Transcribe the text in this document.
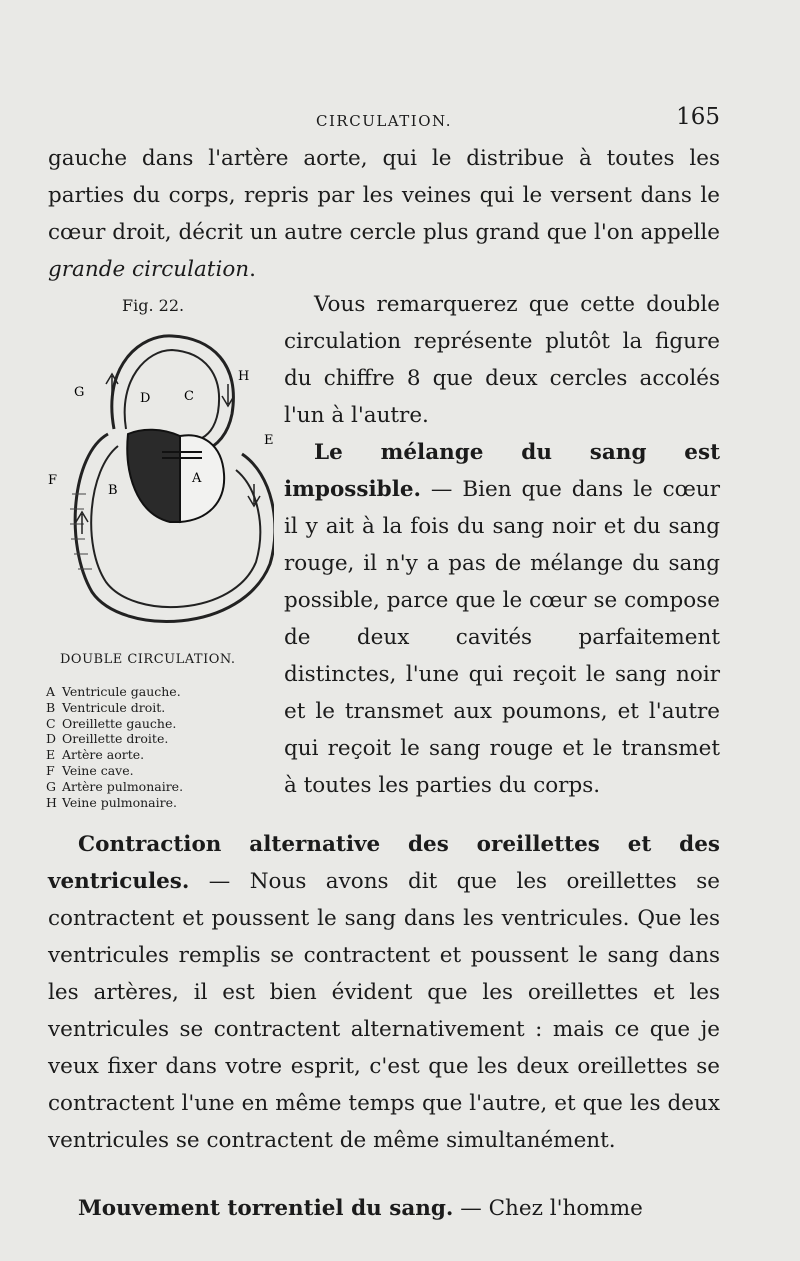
CIRCULATION.	165

gauche dans l'artère aorte, qui le distribue à toutes les parties du corps, repris par les veines qui le versent dans le cœur droit, décrit un autre cercle plus grand que l'on appelle grande circulation.

Fig. 22.
G	D	C
H
E
A
B
F
DOUBLE CIRCULATION.
A Ventricule gauche.
B Ventricule droit.
C Oreillette gauche.
D Oreillette droite.
E Artère aorte.
F Veine cave.
G Artère pulmonaire.
H Veine pulmonaire.

Vous remarquerez que cette double circulation représente plutôt la figure du chiffre 8 que deux cercles accolés l'un à l'autre.

Le mélange du sang est impossible. — Bien que dans le cœur il y ait à la fois du sang noir et du sang rouge, il n'y a pas de mélange du sang possible, parce que le cœur se compose de deux cavités parfaitement distinctes, l'une qui reçoit le sang noir et le transmet aux poumons, et l'autre qui reçoit le sang rouge et le transmet à toutes les parties du corps.

Contraction alternative des oreillettes et des ventricules. — Nous avons dit que les oreillettes se contractent et poussent le sang dans les ventricules. Que les ventricules remplis se contractent et poussent le sang dans les artères, il est bien évident que les oreillettes et les ventricules se contractent alternativement : mais ce que je veux fixer dans votre esprit, c'est que les deux oreillettes se contractent l'une en même temps que l'autre, et que les deux ventricules se contractent de même simultanément.

Mouvement torrentiel du sang. — Chez l'homme
